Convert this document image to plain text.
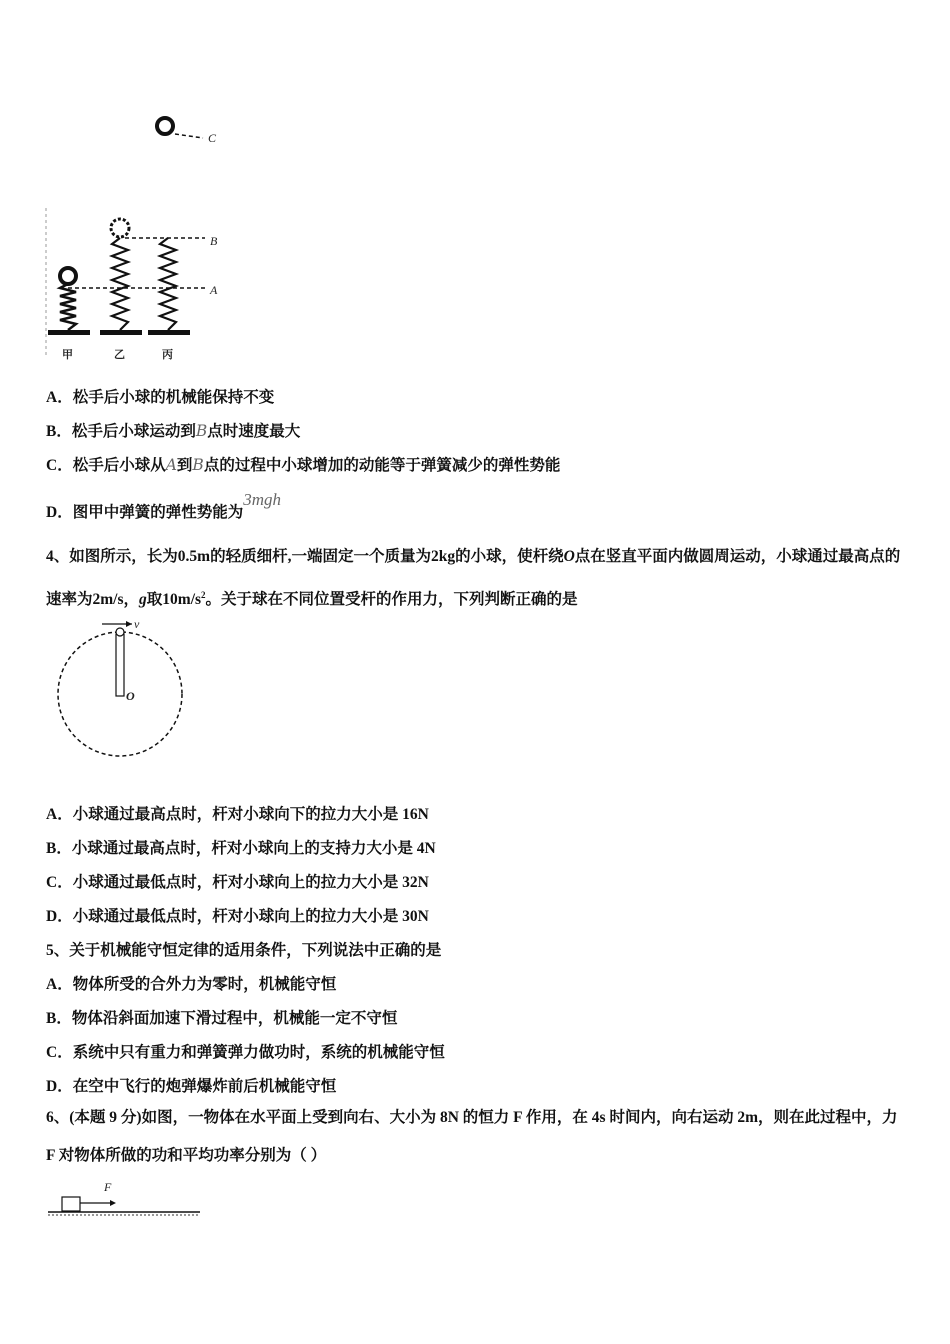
C
B
A
甲	乙	丙
A．松手后小球的机械能保持不变
B．松手后小球运动到B点时速度最大
C．松手后小球从A到B点的过程中小球增加的动能等于弹簧减少的弹性势能
D．图甲中弹簧的弹性势能为3mgh
4、如图所示，长为0.5m的轻质细杆,一端固定一个质量为2kg的小球，使杆绕O点在竖直平面内做圆周运动，小球通过最高点的速率为2m/s，g取$10m/s^2$。关于球在不同位置受杆的作用力，下列判断正确的是
v
O
A．小球通过最高点时，杆对小球向下的拉力大小是 16N
B．小球通过最高点时，杆对小球向上的支持力大小是 4N
C．小球通过最低点时，杆对小球向上的拉力大小是 32N
D．小球通过最低点时，杆对小球向上的拉力大小是 30N
5、关于机械能守恒定律的适用条件，下列说法中正确的是
A．物体所受的合外力为零时，机械能守恒
B．物体沿斜面加速下滑过程中，机械能一定不守恒
C．系统中只有重力和弹簧弹力做功时，系统的机械能守恒
D．在空中飞行的炮弹爆炸前后机械能守恒
6、(本题 9 分)如图，一物体在水平面上受到向右、大小为 8N 的恒力 F 作用，在 4s 时间内，向右运动 2m，则在此过程中，力 F 对物体所做的功和平均功率分别为（ ）
F
